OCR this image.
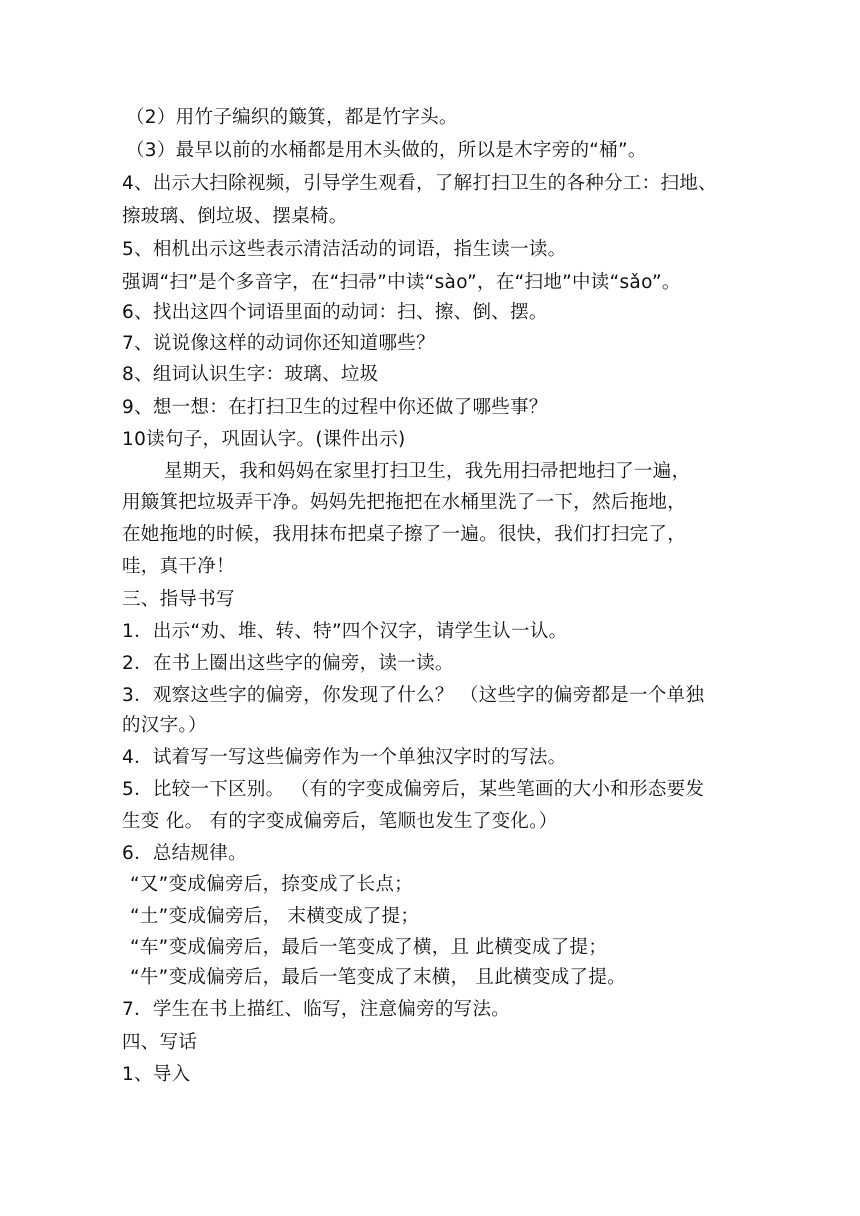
（2）用竹子编织的簸箕，都是竹字头。
（3）最早以前的水桶都是用木头做的，所以是木字旁的“桶”。
4、出示大扫除视频，引导学生观看，了解打扫卫生的各种分工：扫地、
擦玻璃、倒垃圾、摆桌椅。
5、相机出示这些表示清洁活动的词语，指生读一读。
强调“扫”是个多音字，在“扫帚”中读“sào”，在“扫地”中读“sǎo”。
6、找出这四个词语里面的动词：扫、擦、倒、摆。
7、说说像这样的动词你还知道哪些？
8、组词认识生字：玻璃、垃圾
9、想一想：在打扫卫生的过程中你还做了哪些事？
10读句子，巩固认字。(课件出示)
星期天，我和妈妈在家里打扫卫生，我先用扫帚把地扫了一遍，
用簸箕把垃圾弄干净。妈妈先把拖把在水桶里洗了一下，然后拖地，
在她拖地的时候，我用抹布把桌子擦了一遍。很快，我们打扫完了，
哇，真干净！
三、指导书写
1．出示“劝、堆、转、特”四个汉字，请学生认一认。
2．在书上圈出这些字的偏旁，读一读。
3．观察这些字的偏旁，你发现了什么？ （这些字的偏旁都是一个单独
的汉字。）
4．试着写一写这些偏旁作为一个单独汉字时的写法。
5．比较一下区别。 （有的字变成偏旁后，某些笔画的大小和形态要发
生变 化。 有的字变成偏旁后，笔顺也发生了变化。）
6．总结规律。
“又”变成偏旁后，捺变成了长点；
“土”变成偏旁后， 末横变成了提；
“车”变成偏旁后，最后一笔变成了横，且 此横变成了提；
“牛”变成偏旁后，最后一笔变成了末横， 且此横变成了提。
7．学生在书上描红、临写，注意偏旁的写法。
四、写话
1、导入
